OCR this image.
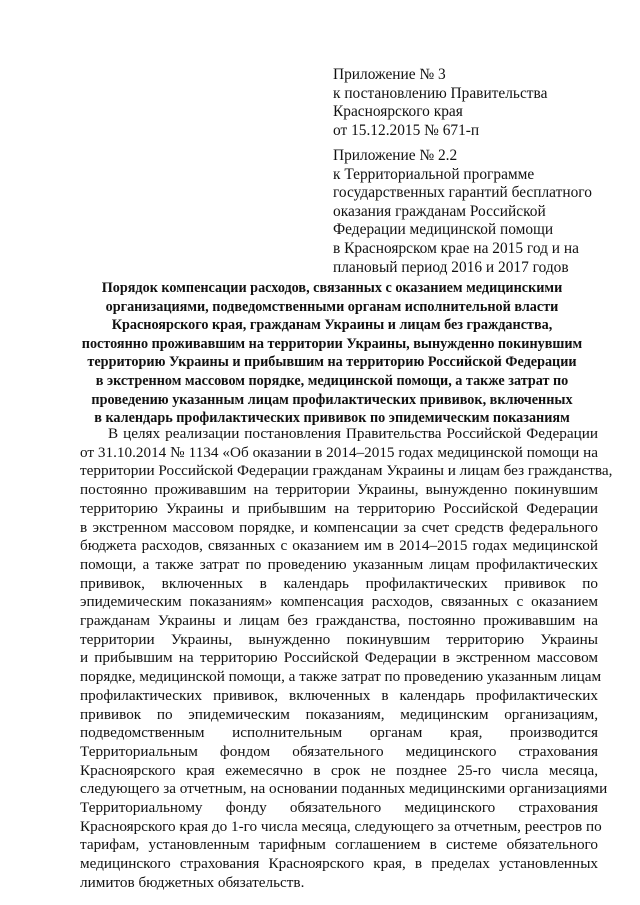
Приложение № 3
к постановлению Правительства
Красноярского края
от 15.12.2015 № 671-п
Приложение № 2.2
к Территориальной программе
государственных гарантий бесплатного
оказания гражданам Российской
Федерации медицинской помощи
в Красноярском крае на 2015 год и на
плановый период 2016 и 2017 годов
Порядок компенсации расходов, связанных с оказанием медицинскими
организациями, подведомственными органам исполнительной власти
Красноярского края, гражданам Украины и лицам без гражданства,
постоянно проживавшим на территории Украины, вынужденно покинувшим
территорию Украины и прибывшим на территорию Российской Федерации
в экстренном массовом порядке, медицинской помощи, а также затрат по
проведению указанным лицам профилактических прививок, включенных
в календарь профилактических прививок по эпидемическим показаниям
В целях реализации постановления Правительства Российской Федерации
от 31.10.2014 № 1134 «Об оказании в 2014–2015 годах медицинской помощи на
территории Российской Федерации гражданам Украины и лицам без гражданства,
постоянно проживавшим на территории Украины, вынужденно покинувшим
территорию Украины и прибывшим на территорию Российской Федерации
в экстренном массовом порядке, и компенсации за счет средств федерального
бюджета расходов, связанных с оказанием им в 2014–2015 годах медицинской
помощи, а также затрат по проведению указанным лицам профилактических
прививок, включенных в календарь профилактических прививок по
эпидемическим показаниям» компенсация расходов, связанных с оказанием
гражданам Украины и лицам без гражданства, постоянно проживавшим на
территории Украины, вынужденно покинувшим территорию Украины
и прибывшим на территорию Российской Федерации в экстренном массовом
порядке, медицинской помощи, а также затрат по проведению указанным лицам
профилактических прививок, включенных в календарь профилактических
прививок по эпидемическим показаниям, медицинским организациям,
подведомственным исполнительным органам края, производится
Территориальным фондом обязательного медицинского страхования
Красноярского края ежемесячно в срок не позднее 25-го числа месяца,
следующего за отчетным, на основании поданных медицинскими организациями
Территориальному фонду обязательного медицинского страхования
Красноярского края до 1-го числа месяца, следующего за отчетным, реестров по
тарифам, установленным тарифным соглашением в системе обязательного
медицинского страхования Красноярского края, в пределах установленных
лимитов бюджетных обязательств.
